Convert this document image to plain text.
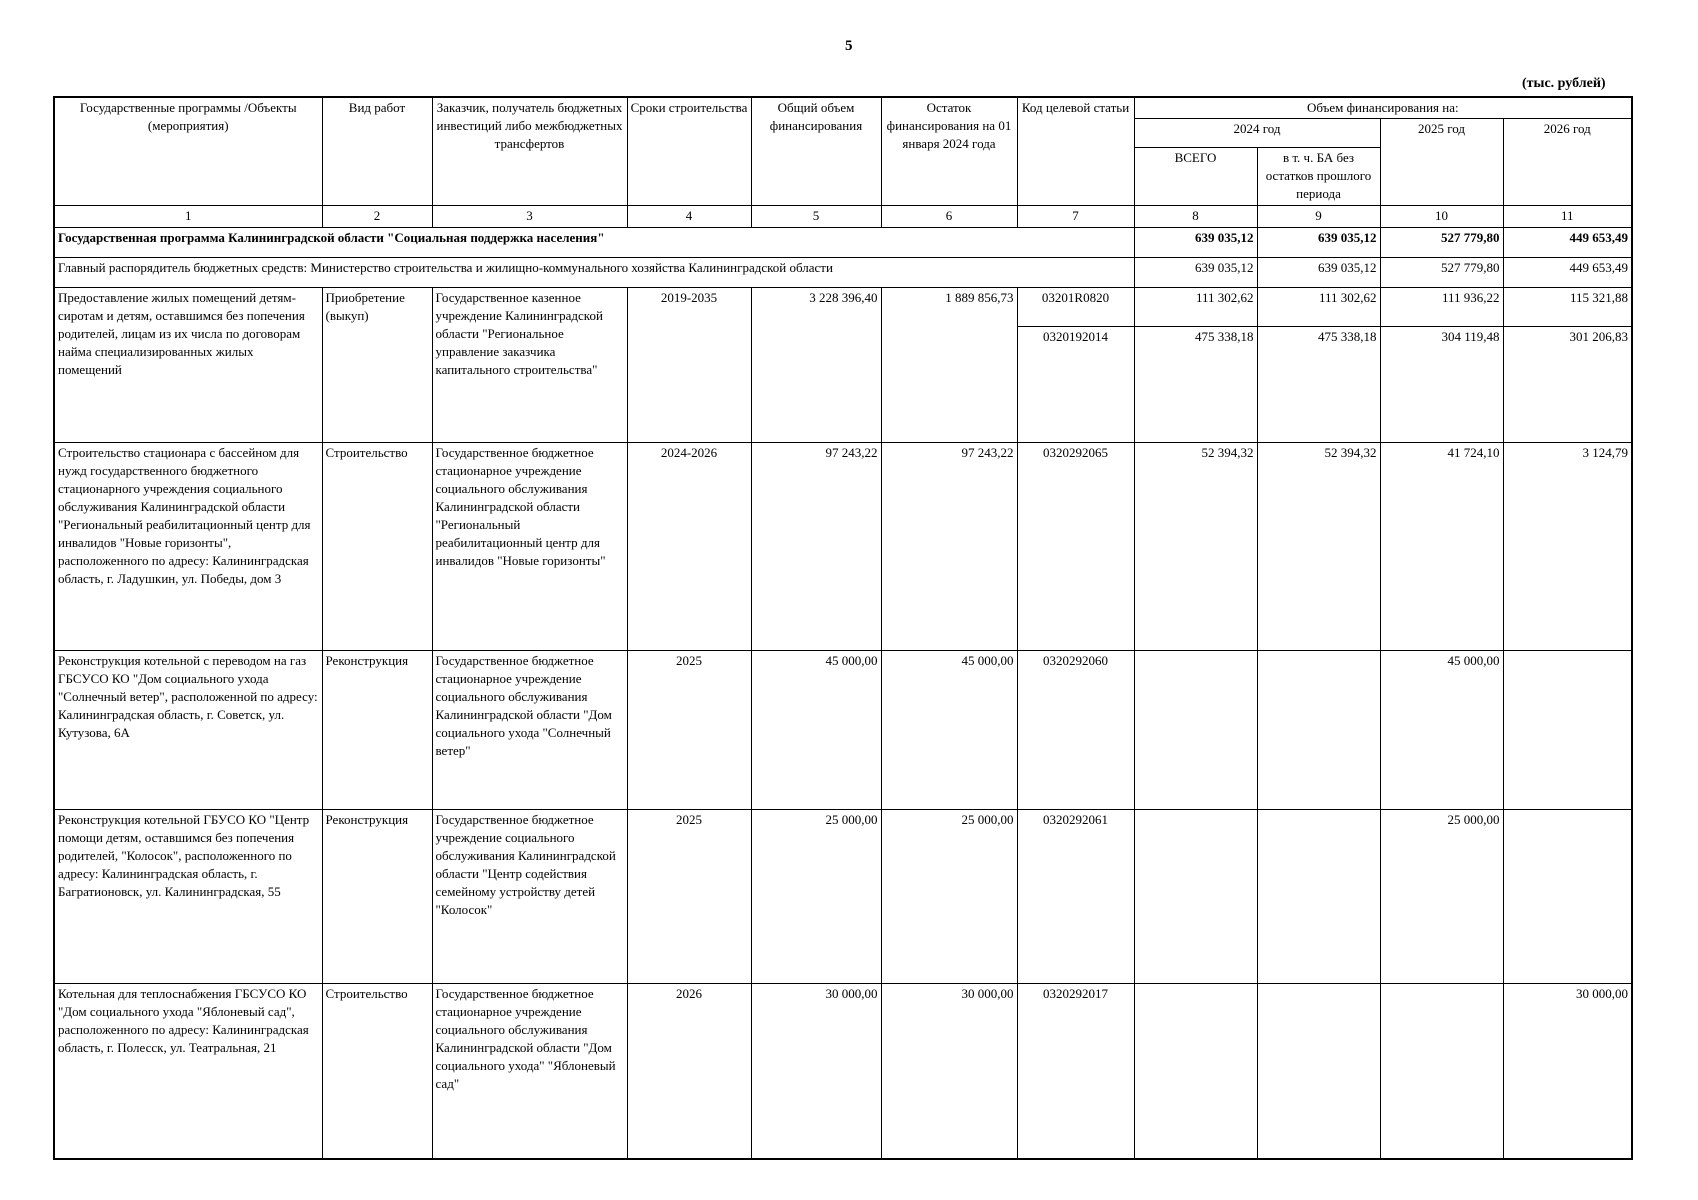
5
(тыс. рублей)
Государственные программы /Объекты (мероприятия)	Вид работ	Заказчик, получатель бюджетных инвестиций либо межбюджетных трансфертов	Сроки строительства	Общий объем финансирования	Остаток финансирования на 01 января 2024 года	Код целевой статьи	Объем финансирования на:			
							2024 год		2025 год	2026 год
							ВСЕГО	в т. ч. БА без остатков прошлого периода		
1	2	3	4	5	6	7	8	9	10	11
Государственная программа Калининградской области "Социальная поддержка населения"							639 035,12	639 035,12	527 779,80	449 653,49
Главный распорядитель бюджетных средств: Министерство строительства и жилищно-коммунального хозяйства Калининградской области							639 035,12	639 035,12	527 779,80	449 653,49
Предоставление жилых помещений детям-сиротам и детям, оставшимся без попечения родителей, лицам из их числа по договорам найма специализированных жилых помещений	Приобретение (выкуп)	Государственное казенное учреждение Калининградской области "Региональное управление заказчика капитального строительства"	2019-2035	3 228 396,40	1 889 856,73	03201R0820	111 302,62	111 302,62	111 936,22	115 321,88
						0320192014	475 338,18	475 338,18	304 119,48	301 206,83
Строительство стационара с бассейном для нужд государственного бюджетного стационарного учреждения социального обслуживания Калининградской области "Региональный реабилитационный центр для инвалидов "Новые горизонты", расположенного по адресу: Калининградская область, г. Ладушкин, ул. Победы, дом 3	Строительство	Государственное бюджетное стационарное учреждение социального обслуживания Калининградской области "Региональный реабилитационный центр для инвалидов "Новые горизонты"	2024-2026	97 243,22	97 243,22	0320292065	52 394,32	52 394,32	41 724,10	3 124,79
Реконструкция котельной с переводом на газ ГБСУСО КО "Дом социального ухода "Солнечный ветер", расположенной по адресу: Калининградская область, г. Советск, ул. Кутузова, 6А	Реконструкция	Государственное бюджетное стационарное учреждение социального обслуживания Калининградской области "Дом социального ухода "Солнечный ветер"	2025	45 000,00	45 000,00	0320292060			45 000,00	
Реконструкция котельной ГБУСО КО "Центр помощи детям, оставшимся без попечения родителей, "Колосок", расположенного по адресу: Калининградская область, г. Багратионовск, ул. Калининградская, 55	Реконструкция	Государственное бюджетное учреждение социального обслуживания Калининградской области "Центр содействия семейному устройству детей "Колосок"	2025	25 000,00	25 000,00	0320292061			25 000,00	
Котельная для теплоснабжения ГБСУСО КО "Дом социального ухода "Яблоневый сад", расположенного по адресу: Калининградская область, г. Полесск, ул. Театральная, 21	Строительство	Государственное бюджетное стационарное учреждение социального обслуживания Калининградской области "Дом социального ухода" "Яблоневый сад"	2026	30 000,00	30 000,00	0320292017				30 000,00
